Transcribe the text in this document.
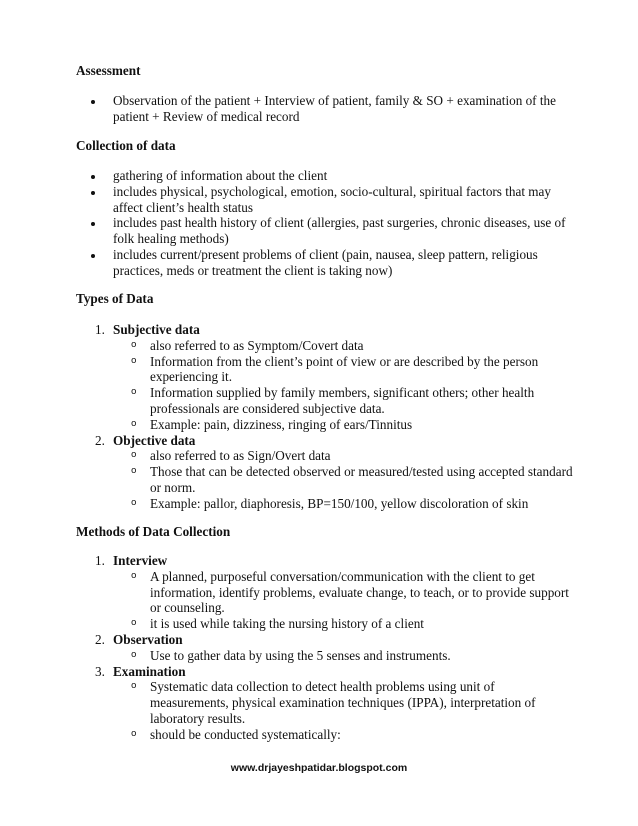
Assessment
Observation of the patient + Interview of patient, family & SO + examination of the patient + Review of medical record
Collection of data
gathering of information about the client
includes physical, psychological, emotion, socio-cultural, spiritual factors that may affect client’s health status
includes past health history of client (allergies, past surgeries, chronic diseases, use of folk healing methods)
includes current/present problems of client (pain, nausea, sleep pattern, religious practices, meds or treatment the client is taking now)
Types of Data
1. Subjective data
o also referred to as Symptom/Covert data
o Information from the client’s point of view or are described by the person experiencing it.
o Information supplied by family members, significant others; other health professionals are considered subjective data.
o Example: pain, dizziness, ringing of ears/Tinnitus
2. Objective data
o also referred to as Sign/Overt data
o Those that can be detected observed or measured/tested using accepted standard or norm.
o Example: pallor, diaphoresis, BP=150/100, yellow discoloration of skin
Methods of Data Collection
1. Interview
o A planned, purposeful conversation/communication with the client to get information, identify problems, evaluate change, to teach, or to provide support or counseling.
o it is used while taking the nursing history of a client
2. Observation
o Use to gather data by using the 5 senses and instruments.
3. Examination
o Systematic data collection to detect health problems using unit of measurements, physical examination techniques (IPPA), interpretation of laboratory results.
o should be conducted systematically:
www.drjayeshpatidar.blogspot.com
